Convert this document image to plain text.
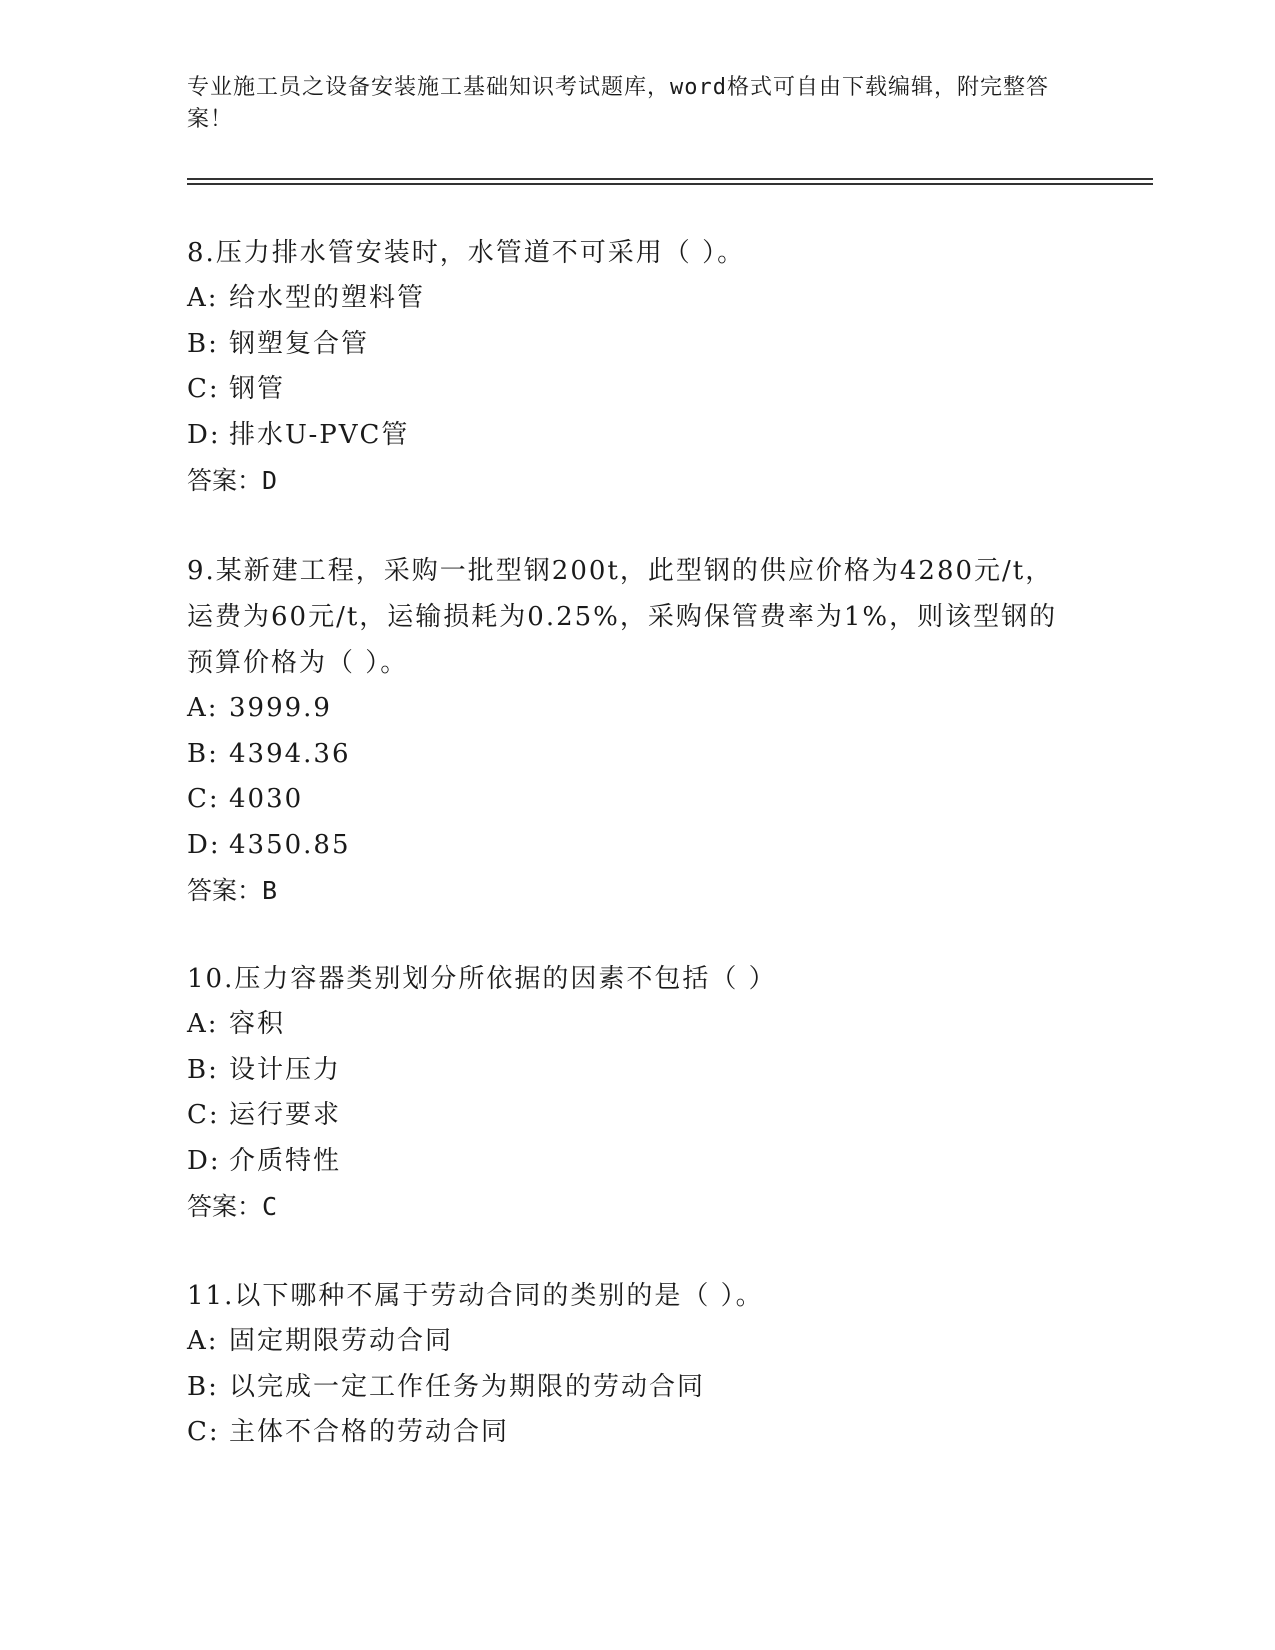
专业施工员之设备安装施工基础知识考试题库，word格式可自由下载编辑，附完整答案！

8.压力排水管安装时，水管道不可采用（ ）。

A: 给水型的塑料管

B: 钢塑复合管

C: 钢管

D: 排水U-PVC管

答案：D

9.某新建工程，采购一批型钢200t，此型钢的供应价格为4280元/t，运费为60元/t，运输损耗为0.25%，采购保管费率为1%，则该型钢的预算价格为（ ）。

A: 3999.9

B: 4394.36

C: 4030

D: 4350.85

答案：B

10.压力容器类别划分所依据的因素不包括（ ）

A: 容积

B: 设计压力

C: 运行要求

D: 介质特性

答案：C

11.以下哪种不属于劳动合同的类别的是（ ）。

A: 固定期限劳动合同

B: 以完成一定工作任务为期限的劳动合同

C: 主体不合格的劳动合同
